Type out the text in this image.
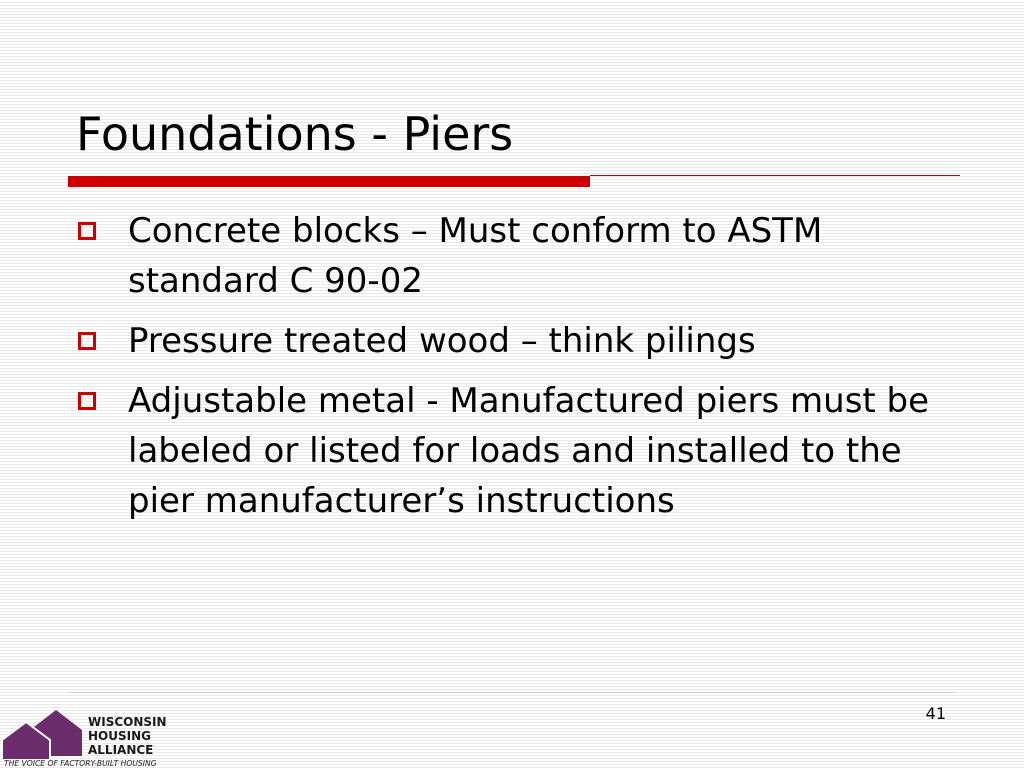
Foundations - Piers
Concrete blocks – Must conform to ASTM standard C 90-02
Pressure treated wood – think pilings
Adjustable metal - Manufactured piers must be labeled or listed for loads and installed to the pier manufacturer’s instructions
41
WISCONSIN
HOUSING
ALLIANCE
THE VOICE OF FACTORY-BUILT HOUSING
